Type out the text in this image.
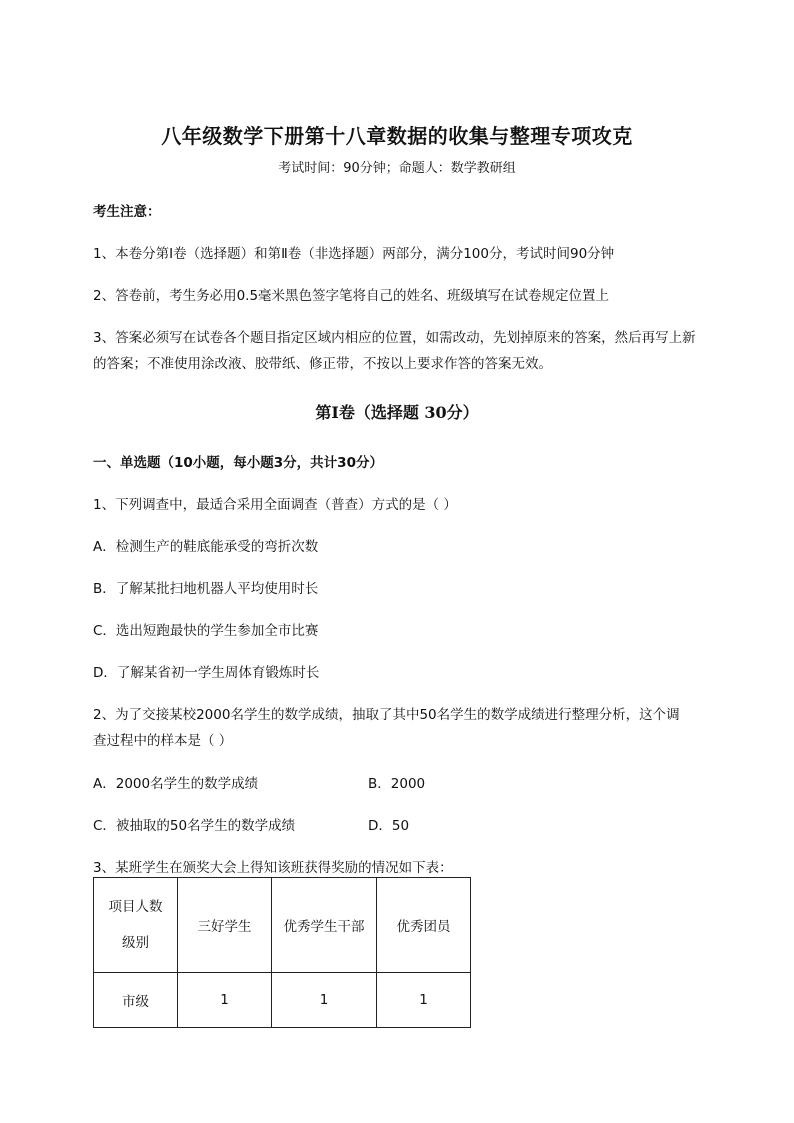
八年级数学下册第十八章数据的收集与整理专项攻克
考试时间：90分钟；命题人：数学教研组
考生注意：
1、本卷分第Ⅰ卷（选择题）和第Ⅱ卷（非选择题）两部分，满分100分，考试时间90分钟
2、答卷前，考生务必用0.5毫米黑色签字笔将自己的姓名、班级填写在试卷规定位置上
3、答案必须写在试卷各个题目指定区域内相应的位置，如需改动，先划掉原来的答案，然后再写上新
的答案；不准使用涂改液、胶带纸、修正带，不按以上要求作答的答案无效。
第Ⅰ卷（选择题 30分）
一、单选题（10小题，每小题3分，共计30分）
1、下列调查中，最适合采用全面调查（普查）方式的是（ ）
A．检测生产的鞋底能承受的弯折次数
B．了解某批扫地机器人平均使用时长
C．选出短跑最快的学生参加全市比赛
D．了解某省初一学生周体育锻炼时长
2、为了交接某校2000名学生的数学成绩，抽取了其中50名学生的数学成绩进行整理分析，这个调
查过程中的样本是（ ）
A．2000名学生的数学成绩	B．2000
C．被抽取的50名学生的数学成绩	D．50
3、某班学生在颁奖大会上得知该班获得奖励的情况如下表：
项目人数
级别	三好学生	优秀学生干部	优秀团员
市级	1	1	1
